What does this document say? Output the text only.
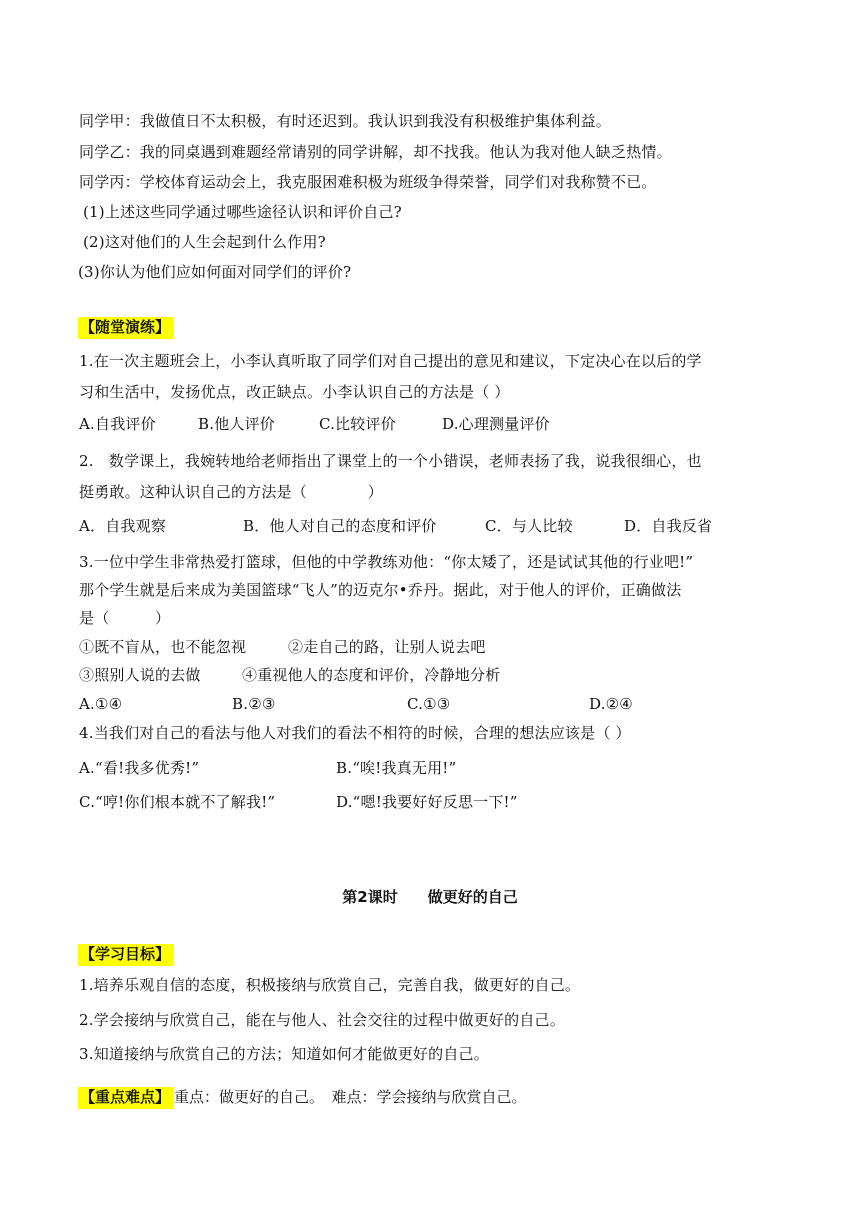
同学甲：我做值日不太积极，有时还迟到。我认识到我没有积极维护集体利益。
同学乙：我的同桌遇到难题经常请别的同学讲解，却不找我。他认为我对他人缺乏热情。
同学丙：学校体育运动会上，我克服困难积极为班级争得荣誉，同学们对我称赞不已。
(1)上述这些同学通过哪些途径认识和评价自己?
(2)这对他们的人生会起到什么作用?
(3)你认为他们应如何面对同学们的评价?
【随堂演练】
1.在一次主题班会上，小李认真听取了同学们对自己提出的意见和建议，下定决心在以后的学
习和生活中，发扬优点，改正缺点。小李认识自己的方法是（ ）
A.自我评价	B.他人评价	C.比较评价	D.心理测量评价
2.　数学课上，我婉转地给老师指出了课堂上的一个小错误，老师表扬了我，说我很细心，也
挺勇敢。这种认识自己的方法是（　　　　）
A．自我观察	B．他人对自己的态度和评价	C．与人比较	D．自我反省
3.一位中学生非常热爱打篮球，但他的中学教练劝他：“你太矮了，还是试试其他的行业吧!”
那个学生就是后来成为美国篮球“飞人”的迈克尔•乔丹。据此，对于他人的评价，正确做法
是（　　　）
①既不盲从，也不能忽视	②走自己的路，让别人说去吧
③照别人说的去做	④重视他人的态度和评价，冷静地分析
A.①④	B.②③	C.①③	D.②④
4.当我们对自己的看法与他人对我们的看法不相符的时候，合理的想法应该是（ ）
A.“看!我多优秀!”	B.“唉!我真无用!”
C.“哼!你们根本就不了解我!”	D.“嗯!我要好好反思一下!”
第2课时　　做更好的自己
【学习目标】
1.培养乐观自信的态度，积极接纳与欣赏自己，完善自我，做更好的自己。
2.学会接纳与欣赏自己，能在与他人、社会交往的过程中做更好的自己。
3.知道接纳与欣赏自己的方法；知道如何才能做更好的自己。
【重点难点】 重点：做更好的自己。　难点：学会接纳与欣赏自己。
